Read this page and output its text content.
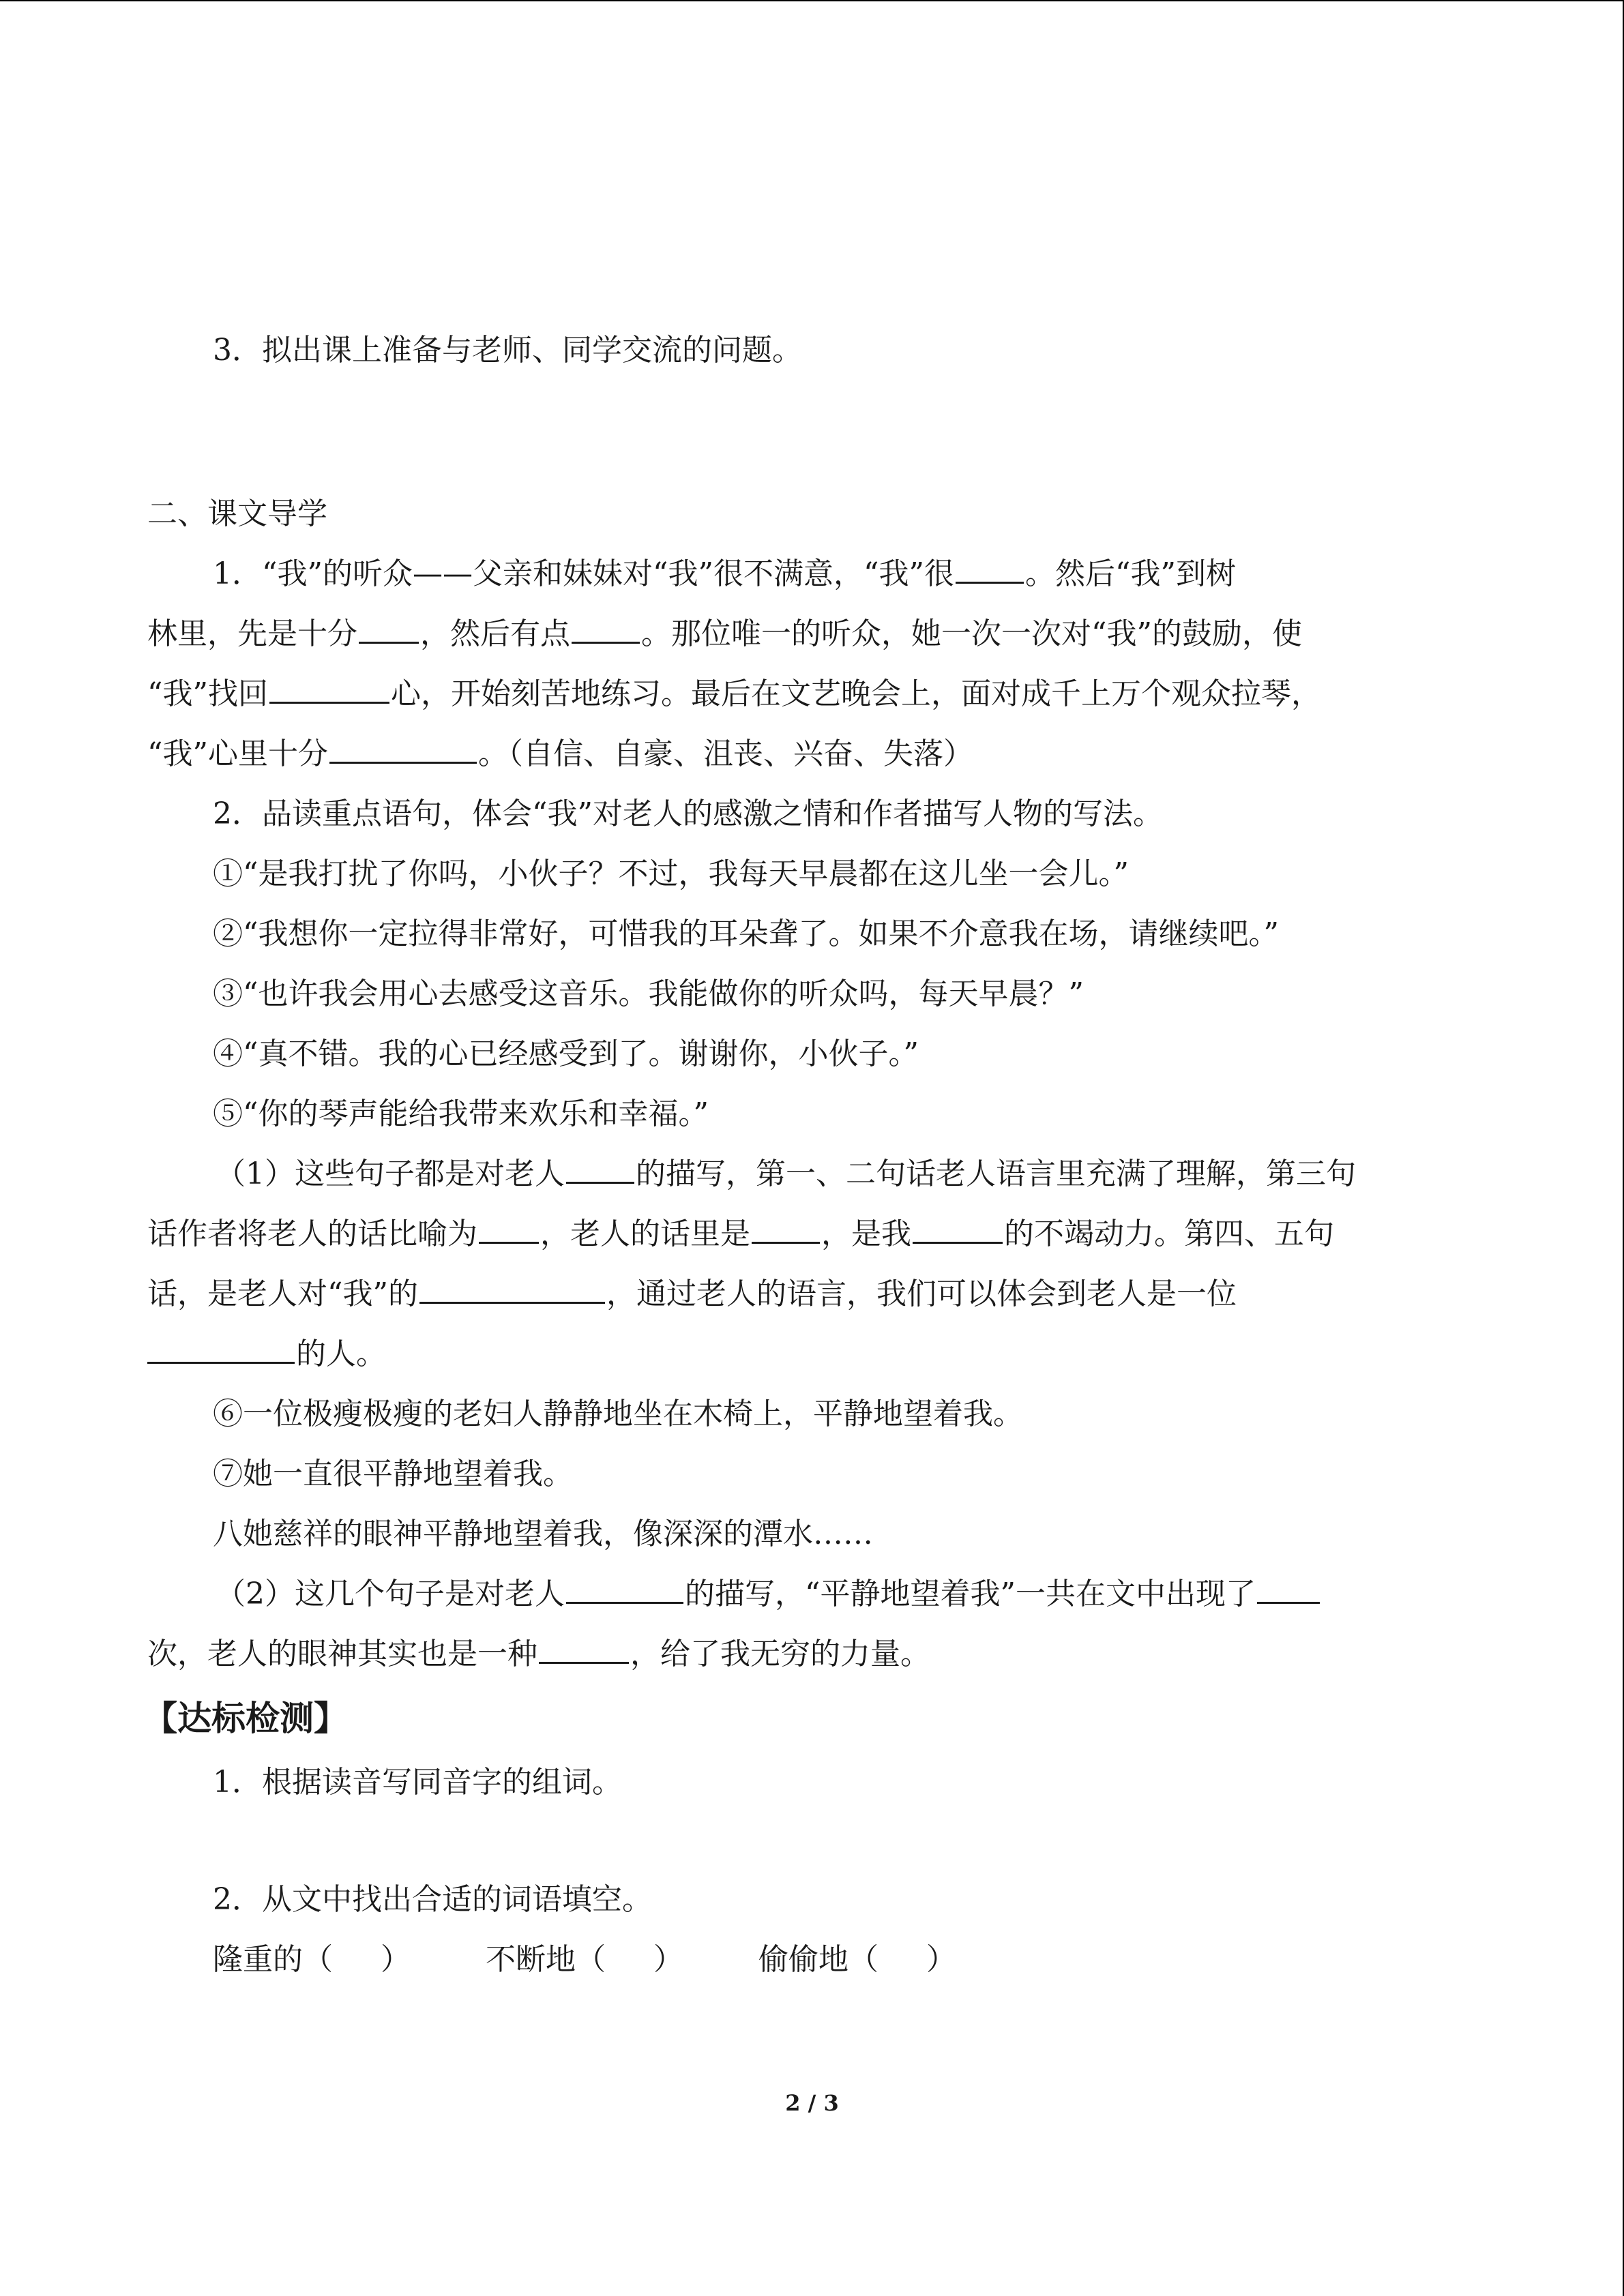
3．拟出课上准备与老师、同学交流的问题。
二、课文导学
1．“我”的听众——父亲和妹妹对“我”很不满意，“我”很 。然后“我”到树
林里，先是十分 ，然后有点 。那位唯一的听众，她一次一次对“我”的鼓励，使
“我”找回	心，开始刻苦地练习。最后在文艺晚会上，面对成千上万个观众拉琴，
“我”心里十分	。（自信、自豪、沮丧、兴奋、失落）
2．品读重点语句，体会“我”对老人的感激之情和作者描写人物的写法。
①“是我打扰了你吗，小伙子？不过，我每天早晨都在这儿坐一会儿。”
②“我想你一定拉得非常好，可惜我的耳朵聋了。如果不介意我在场，请继续吧。”
③“也许我会用心去感受这音乐。我能做你的听众吗，每天早晨？”
④“真不错。我的心已经感受到了。谢谢你，小伙子。”
⑤“你的琴声能给我带来欢乐和幸福。”
（1）这些句子都是对老人 的描写，第一、二句话老人语言里充满了理解，第三句
话作者将老人的话比喻为 ，老人的话里是 ，是我	的不竭动力。第四、五句
话，是老人对“我”的	，通过老人的语言，我们可以体会到老人是一位
的人。
⑥一位极瘦极瘦的老妇人静静地坐在木椅上，平静地望着我。
⑦她一直很平静地望着我。
八她慈祥的眼神平静地望着我，像深深的潭水……
（2）这几个句子是对老人	的描写，“平静地望着我”一共在文中出现了
次，老人的眼神其实也是一种	，给了我无穷的力量。
【达标检测】
1．根据读音写同音字的组词。
2．从文中找出合适的词语填空。
隆重的（ ）	不断地（ ）	偷偷地（ ）
2 / 3
